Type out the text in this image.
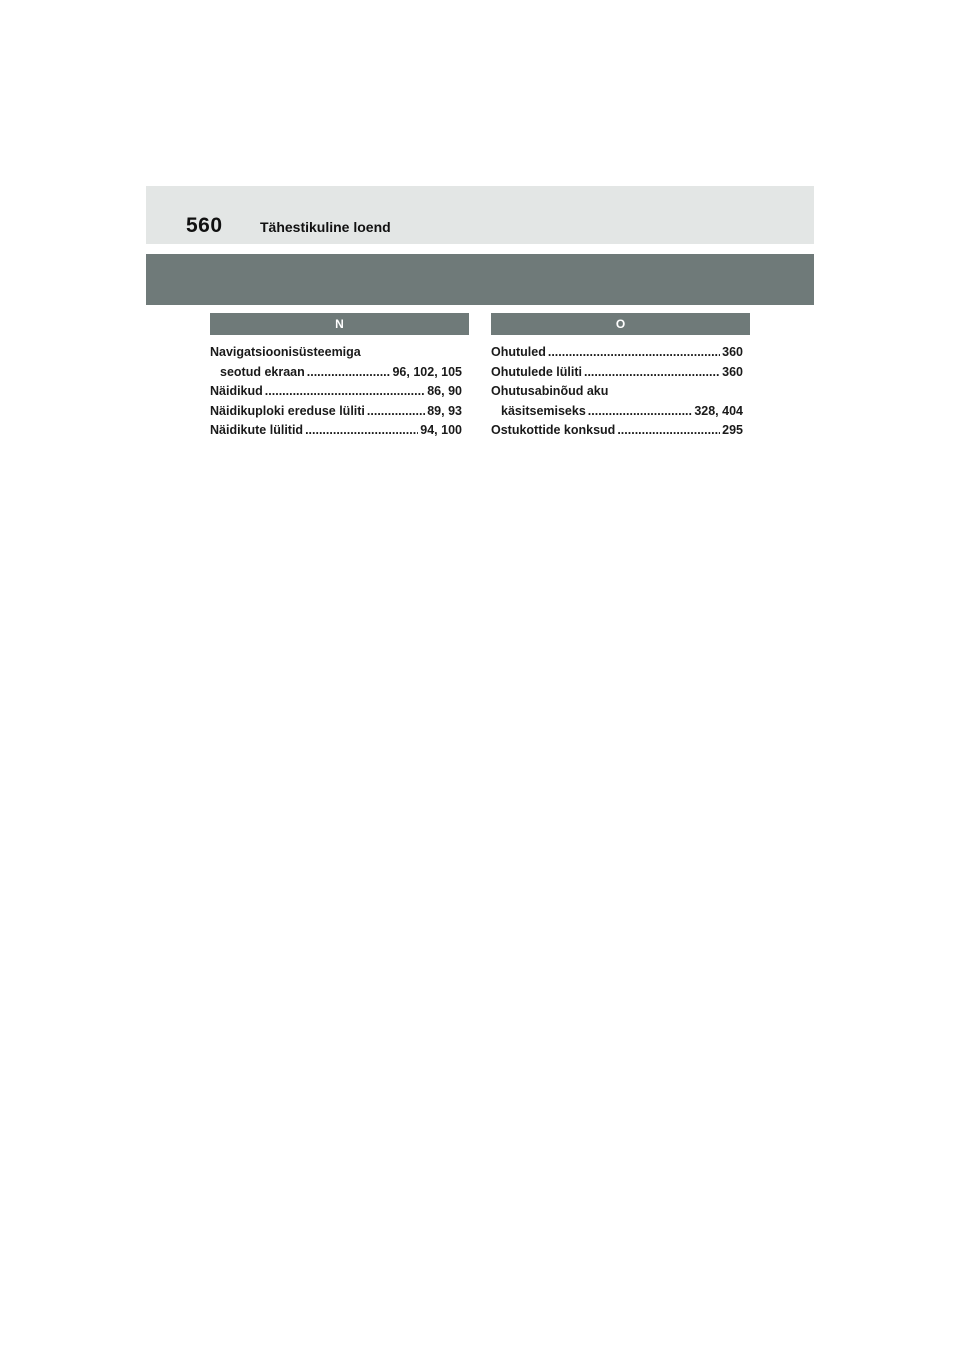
560	Tähestikuline loend
N
Navigatsioonisüsteemiga
seotud ekraan .....	96, 102, 105
Näidikud .....	86, 90
Näidikuploki ereduse lüliti .....	89, 93
Näidikute lülitid .....	94, 100
O
Ohutuled .....	360
Ohutulede lüliti .....	360
Ohutusabinõud aku
käsitsemiseks .....	328, 404
Ostukottide konksud .....	295
